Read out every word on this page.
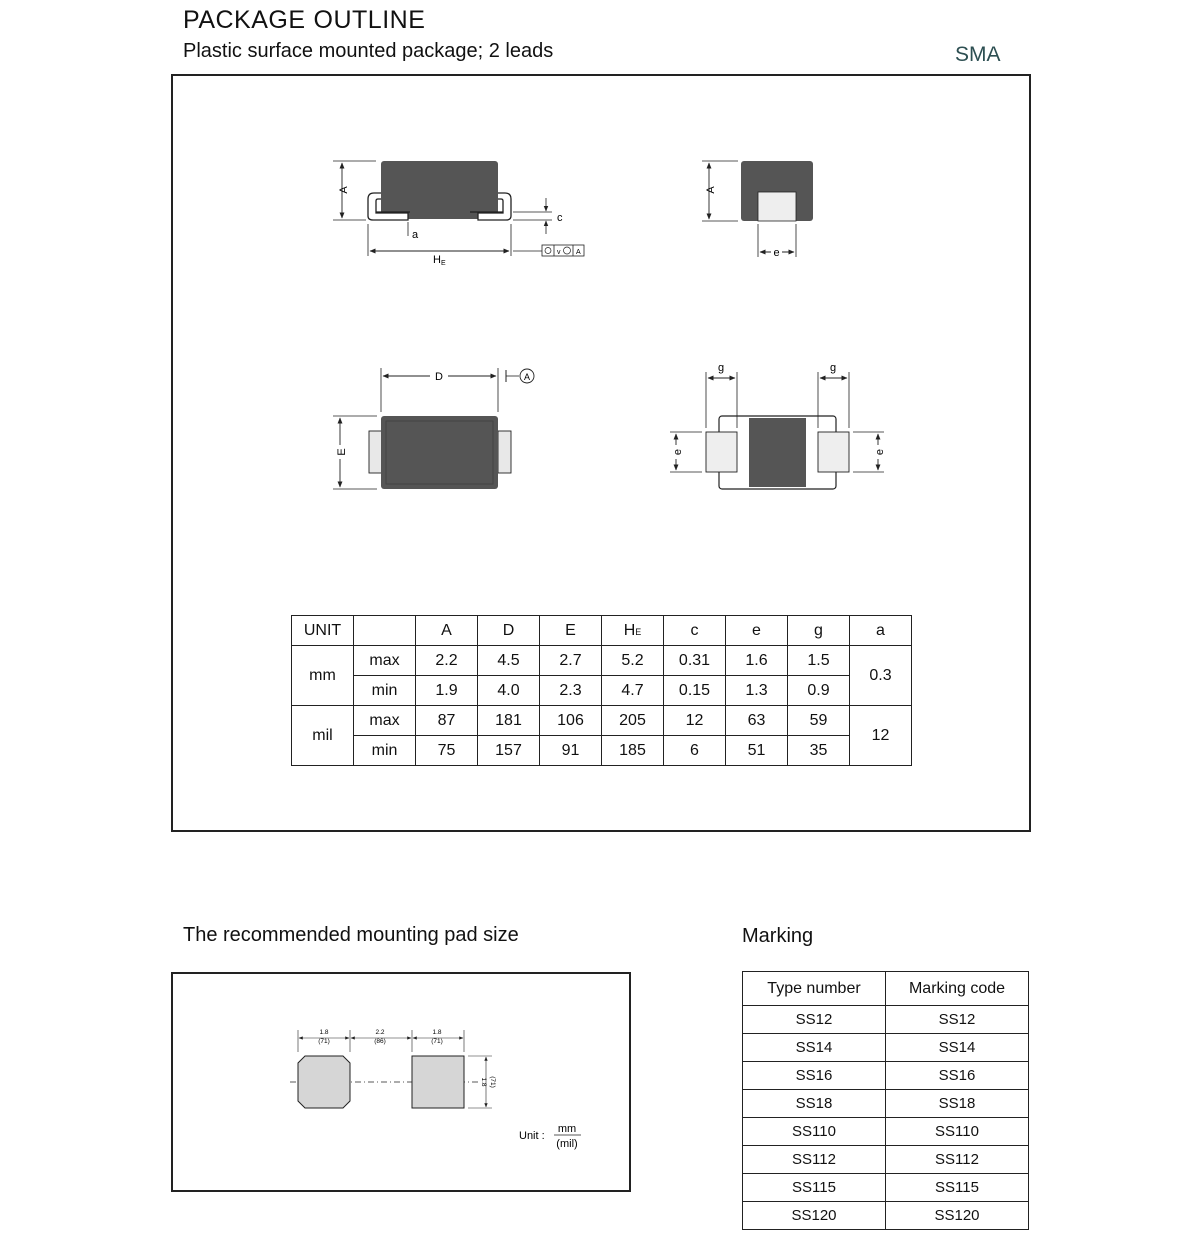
PACKAGE OUTLINE
Plastic surface mounted package; 2 leads	SMA
A
a
c
HE
v A
A
e
D	A
E
g	g
e	e
1.8
(71)
2.2
(86)
1.8
(71)
1.8 (71)
Unit :
mm
(mil)
UNIT		A	D	E	HE	c	e	g	a
mm	max	2.2	4.5	2.7	5.2	0.31	1.6	1.5	0.3
	min	1.9	4.0	2.3	4.7	0.15	1.3	0.9	
mil	max	87	181	106	205	12	63	59	12
	min	75	157	91	185	6	51	35	
The recommended mounting pad size	Marking
Type number	Marking code
SS12	SS12
SS14	SS14
SS16	SS16
SS18	SS18
SS110	SS110
SS112	SS112
SS115	SS115
SS120	SS120
